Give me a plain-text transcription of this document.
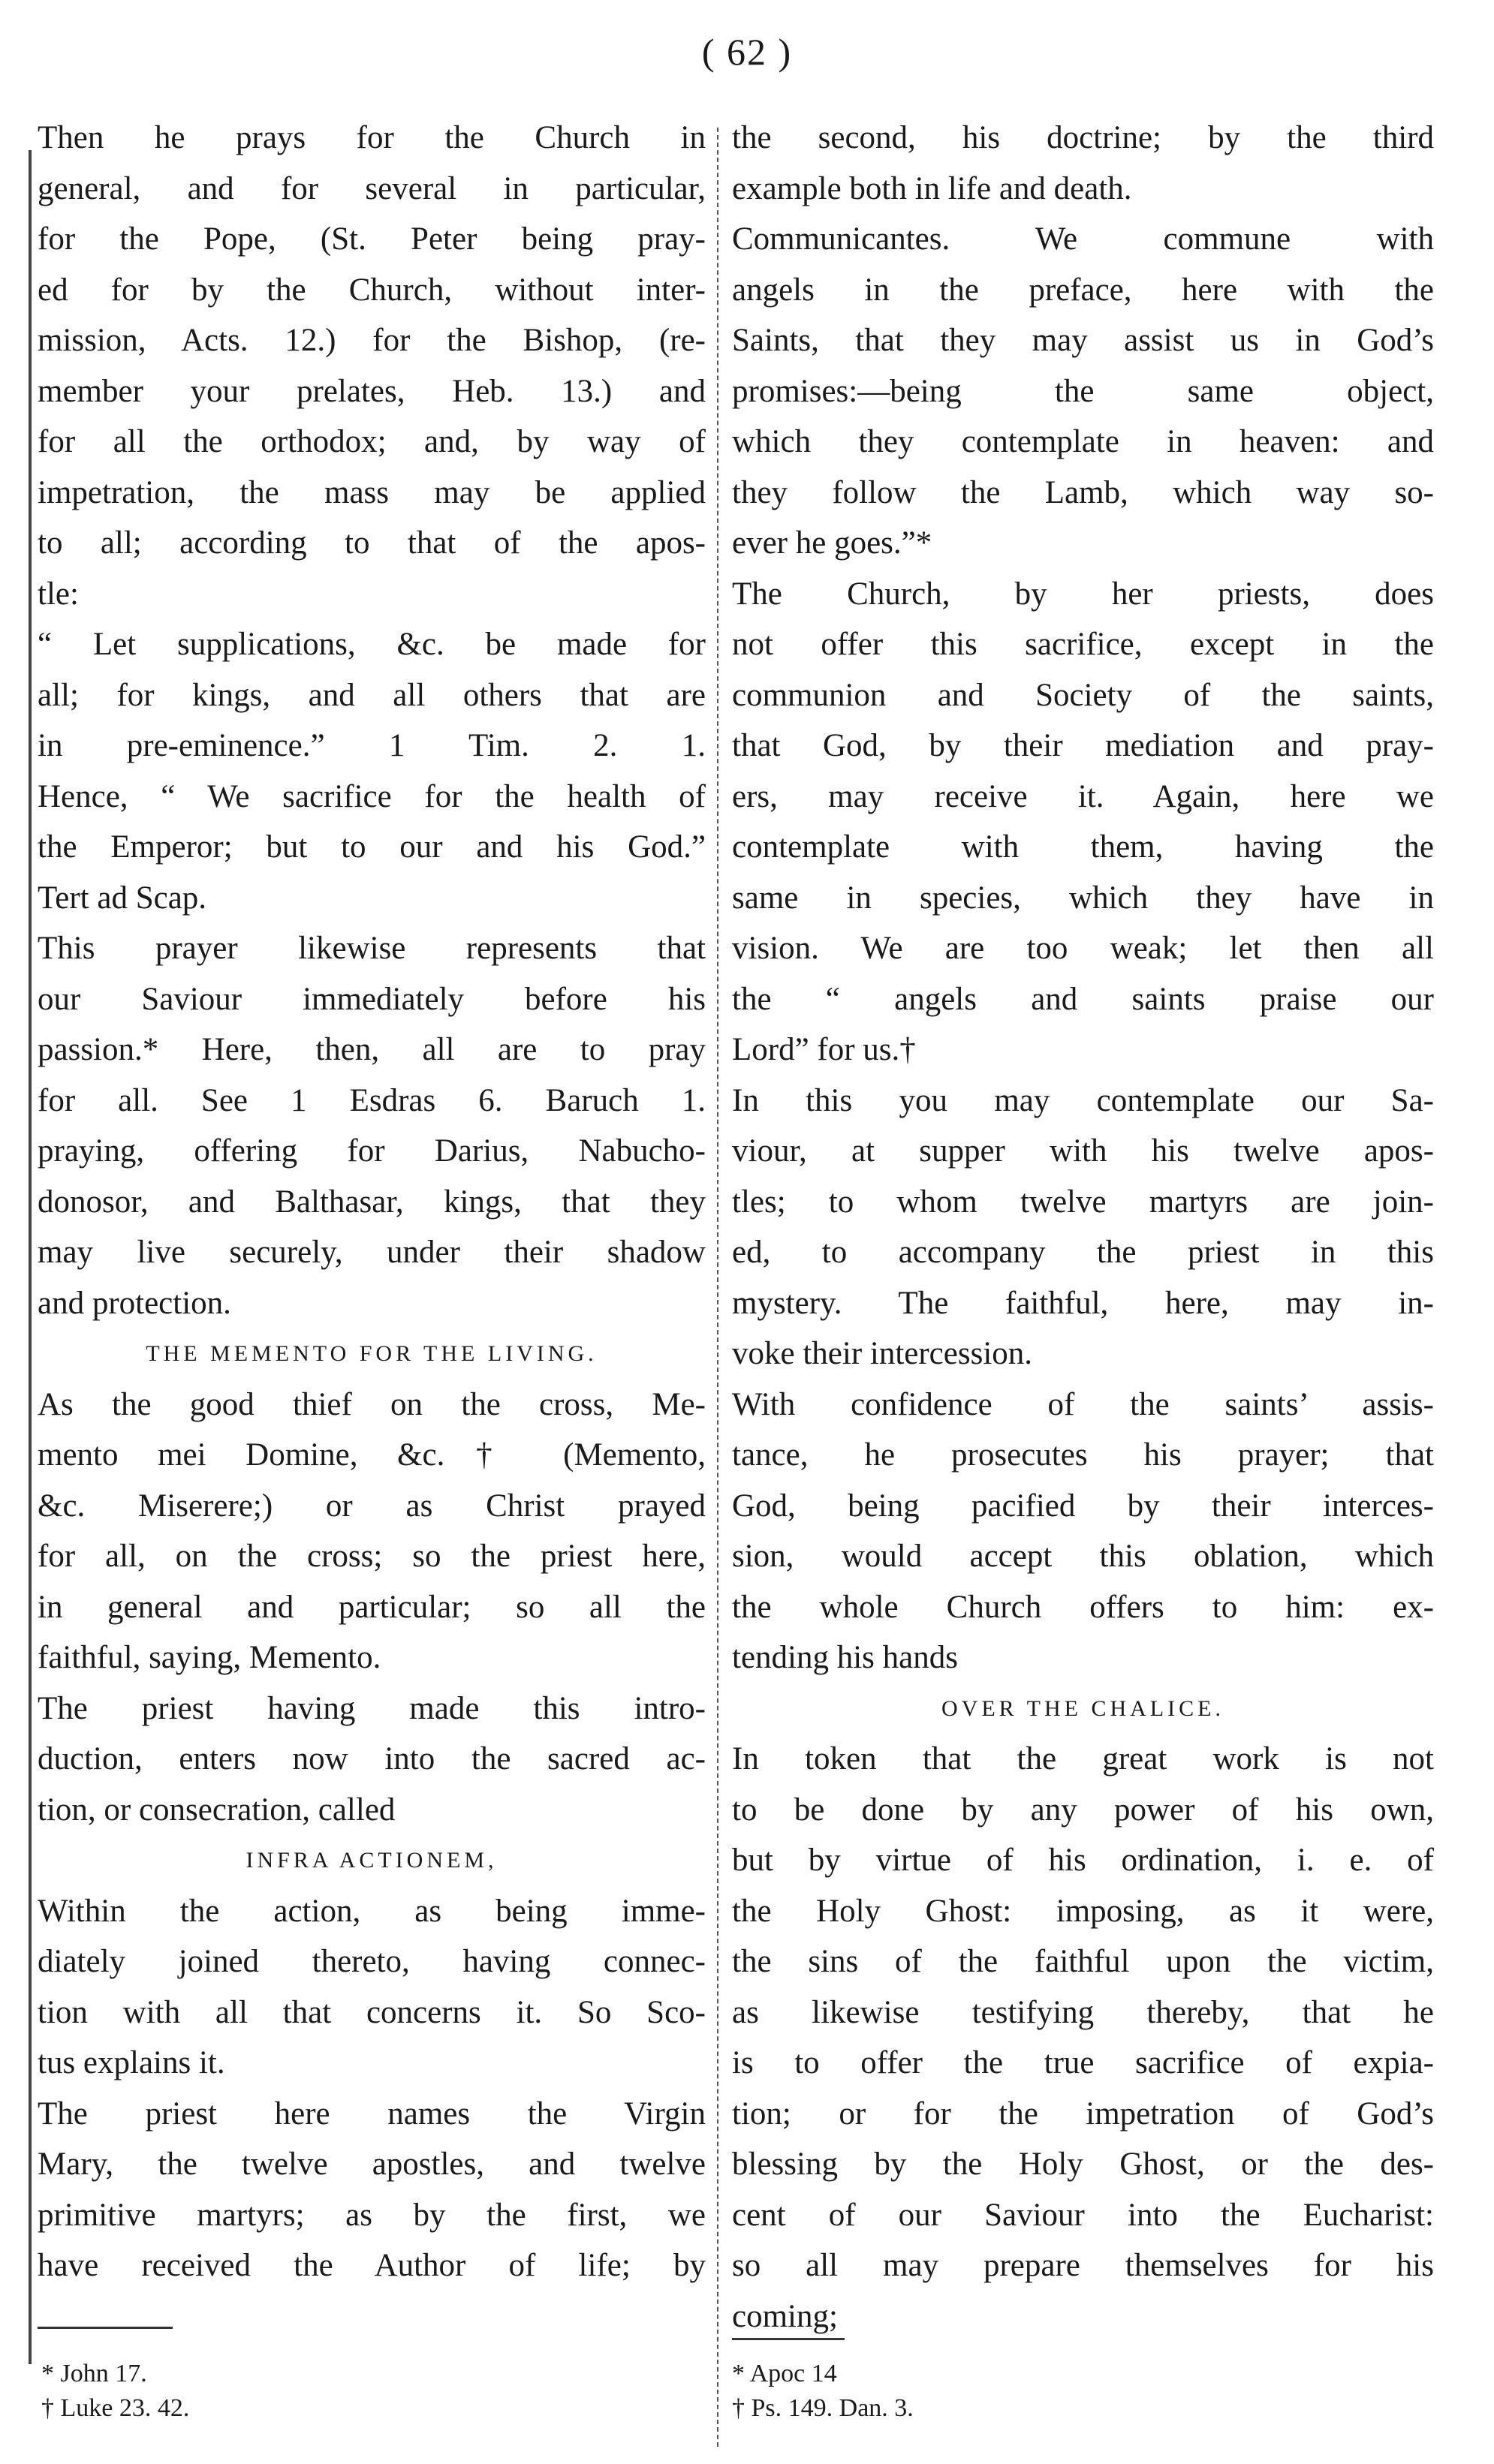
( 62 )
Then he prays for the Church in
general, and for several in particular,
for the Pope, (St. Peter being pray-
ed for by the Church, without inter-
mission, Acts. 12.) for the Bishop, (re-
member your prelates, Heb. 13.) and
for all the orthodox; and, by way of
impetration, the mass may be applied
to all; according to that of the apos-
tle:
“ Let supplications, &c. be made for
all; for kings, and all others that are
in pre-eminence.” 1 Tim. 2. 1.
Hence, “ We sacrifice for the health of
the Emperor; but to our and his God.”
Tert ad Scap.
This prayer likewise represents that
our Saviour immediately before his
passion.* Here, then, all are to pray
for all. See 1 Esdras 6. Baruch 1.
praying, offering for Darius, Nabucho-
donosor, and Balthasar, kings, that they
may live securely, under their shadow
and protection.
THE MEMENTO FOR THE LIVING.
As the good thief on the cross, Me-
mento mei Domine, &c.† (Memento,
&c. Miserere;) or as Christ prayed
for all, on the cross; so the priest here,
in general and particular; so all the
faithful, saying, Memento.
The priest having made this intro-
duction, enters now into the sacred ac-
tion, or consecration, called
INFRA ACTIONEM,
Within the action, as being imme-
diately joined thereto, having connec-
tion with all that concerns it. So Sco-
tus explains it.
The priest here names the Virgin
Mary, the twelve apostles, and twelve
primitive martyrs; as by the first, we
have received the Author of life; by
the second, his doctrine; by the third
example both in life and death.
Communicantes. We commune with
angels in the preface, here with the
Saints, that they may assist us in God’s
promises:—being the same object,
which they contemplate in heaven: and
they follow the Lamb, which way so-
ever he goes.”*
The Church, by her priests, does
not offer this sacrifice, except in the
communion and Society of the saints,
that God, by their mediation and pray-
ers, may receive it. Again, here we
contemplate with them, having the
same in species, which they have in
vision. We are too weak; let then all
the “ angels and saints praise our
Lord” for us.†
In this you may contemplate our Sa-
viour, at supper with his twelve apos-
tles; to whom twelve martyrs are join-
ed, to accompany the priest in this
mystery. The faithful, here, may in-
voke their intercession.
With confidence of the saints’ assis-
tance, he prosecutes his prayer; that
God, being pacified by their interces-
sion, would accept this oblation, which
the whole Church offers to him: ex-
tending his hands
OVER THE CHALICE.
In token that the great work is not
to be done by any power of his own,
but by virtue of his ordination, i. e. of
the Holy Ghost: imposing, as it were,
the sins of the faithful upon the victim,
as likewise testifying thereby, that he
is to offer the true sacrifice of expia-
tion; or for the impetration of God’s
blessing by the Holy Ghost, or the des-
cent of our Saviour into the Eucharist:
so all may prepare themselves for his
coming;
* John 17.
† Luke 23. 42.
* Apoc 14
† Ps. 149. Dan. 3.
